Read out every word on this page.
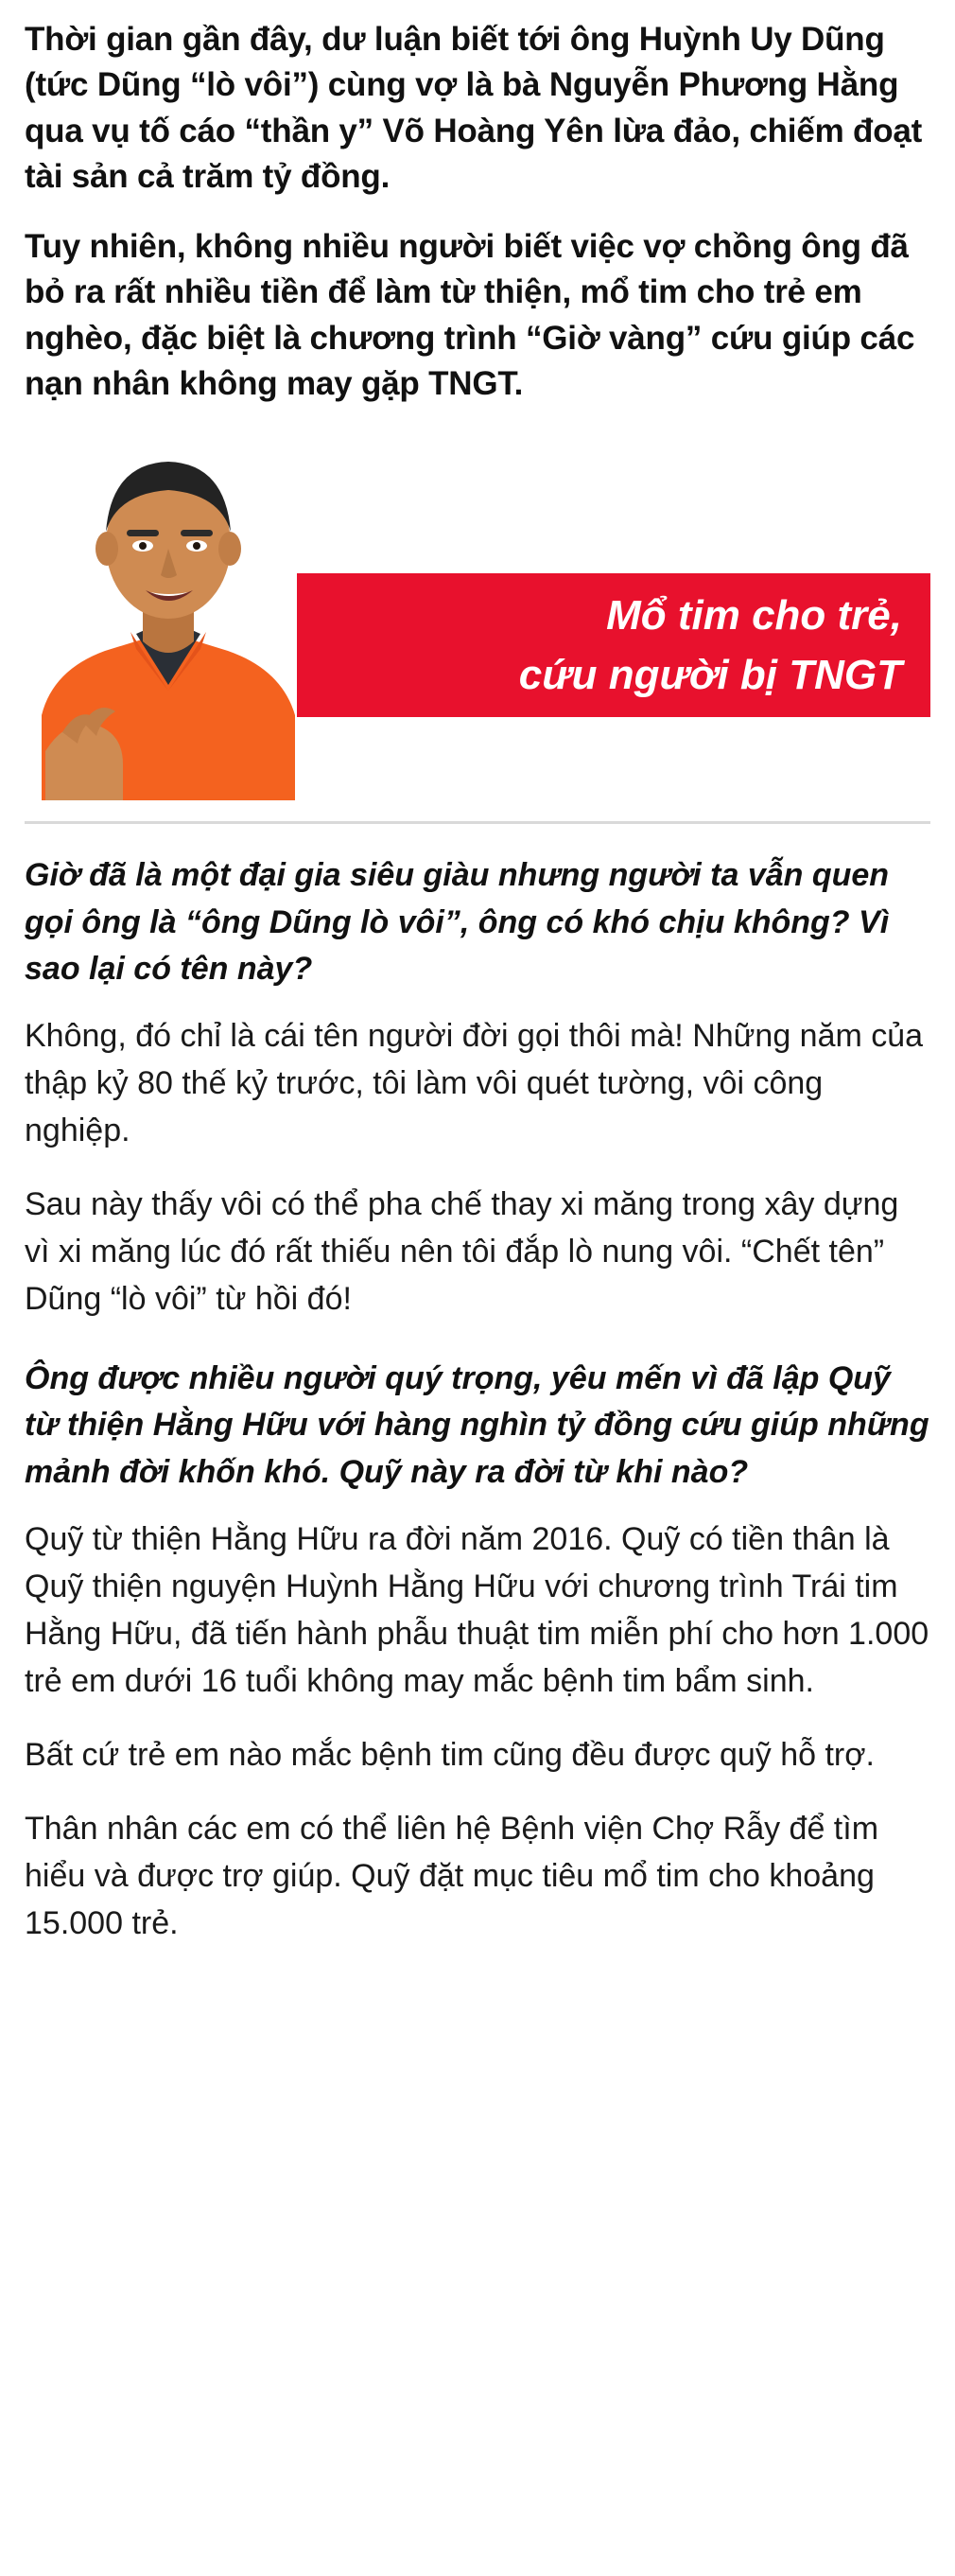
Thời gian gần đây, dư luận biết tới ông Huỳnh Uy Dũng (tức Dũng “lò vôi”) cùng vợ là bà Nguyễn Phương Hằng qua vụ tố cáo “thần y” Võ Hoàng Yên lừa đảo, chiếm đoạt tài sản cả trăm tỷ đồng.

Tuy nhiên, không nhiều người biết việc vợ chồng ông đã bỏ ra rất nhiều tiền để làm từ thiện, mổ tim cho trẻ em nghèo, đặc biệt là chương trình “Giờ vàng” cứu giúp các nạn nhân không may gặp TNGT.

Mổ tim cho trẻ,
cứu người bị TNGT

Giờ đã là một đại gia siêu giàu nhưng người ta vẫn quen gọi ông là “ông Dũng lò vôi”, ông có khó chịu không? Vì sao lại có tên này?

Không, đó chỉ là cái tên người đời gọi thôi mà! Những năm của thập kỷ 80 thế kỷ trước, tôi làm vôi quét tường, vôi công nghiệp.

Sau này thấy vôi có thể pha chế thay xi măng trong xây dựng vì xi măng lúc đó rất thiếu nên tôi đắp lò nung vôi. “Chết tên” Dũng “lò vôi” từ hồi đó!

Ông được nhiều người quý trọng, yêu mến vì đã lập Quỹ từ thiện Hằng Hữu với hàng nghìn tỷ đồng cứu giúp những mảnh đời khốn khó. Quỹ này ra đời từ khi nào?

Quỹ từ thiện Hằng Hữu ra đời năm 2016. Quỹ có tiền thân là Quỹ thiện nguyện Huỳnh Hằng Hữu với chương trình Trái tim Hằng Hữu, đã tiến hành phẫu thuật tim miễn phí cho hơn 1.000 trẻ em dưới 16 tuổi không may mắc bệnh tim bẩm sinh.

Bất cứ trẻ em nào mắc bệnh tim cũng đều được quỹ hỗ trợ.

Thân nhân các em có thể liên hệ Bệnh viện Chợ Rẫy để tìm hiểu và được trợ giúp. Quỹ đặt mục tiêu mổ tim cho khoảng 15.000 trẻ.
